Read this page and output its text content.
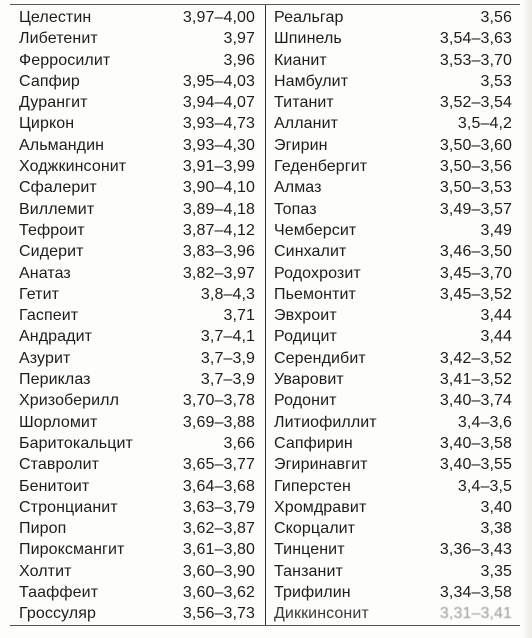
Целестин	3,97–4,00
Либетенит	3,97
Ферросилит	3,96
Сапфир	3,95–4,03
Дурангит	3,94–4,07
Циркон	3,93–4,73
Альмандин	3,93–4,30
Ходжкинсонит	3,91–3,99
Сфалерит	3,90–4,10
Виллемит	3,89–4,18
Тефроит	3,87–4,12
Сидерит	3,83–3,96
Анатаз	3,82–3,97
Гетит	3,8–4,3
Гаспеит	3,71
Андрадит	3,7–4,1
Азурит	3,7–3,9
Периклаз	3,7–3,9
Хризоберилл	3,70–3,78
Шорломит	3,69–3,88
Баритокальцит	3,66
Ставролит	3,65–3,77
Бенитоит	3,64–3,68
Стронцианит	3,63–3,79
Пироп	3,62–3,87
Пироксмангит	3,61–3,80
Холтит	3,60–3,90
Тааффеит	3,60–3,62
Гроссуляр	3,56–3,73
Реальгар	3,56
Шпинель	3,54–3,63
Кианит	3,53–3,70
Намбулит	3,53
Титанит	3,52–3,54
Алланит	3,5–4,2
Эгирин	3,50–3,60
Геденбергит	3,50–3,56
Алмаз	3,50–3,53
Топаз	3,49–3,57
Чемберсит	3,49
Синхалит	3,46–3,50
Родохрозит	3,45–3,70
Пьемонтит	3,45–3,52
Эвхроит	3,44
Родицит	3,44
Серендибит	3,42–3,52
Уваровит	3,41–3,52
Родонит	3,40–3,74
Литиофиллит	3,4–3,6
Сапфирин	3,40–3,58
Эгиринавгит	3,40–3,55
Гиперстен	3,4–3,5
Хромдравит	3,40
Скорцалит	3,38
Тинценит	3,36–3,43
Танзанит	3,35
Трифилин	3,34–3,58
Диккинсонит	3,31–3,41
